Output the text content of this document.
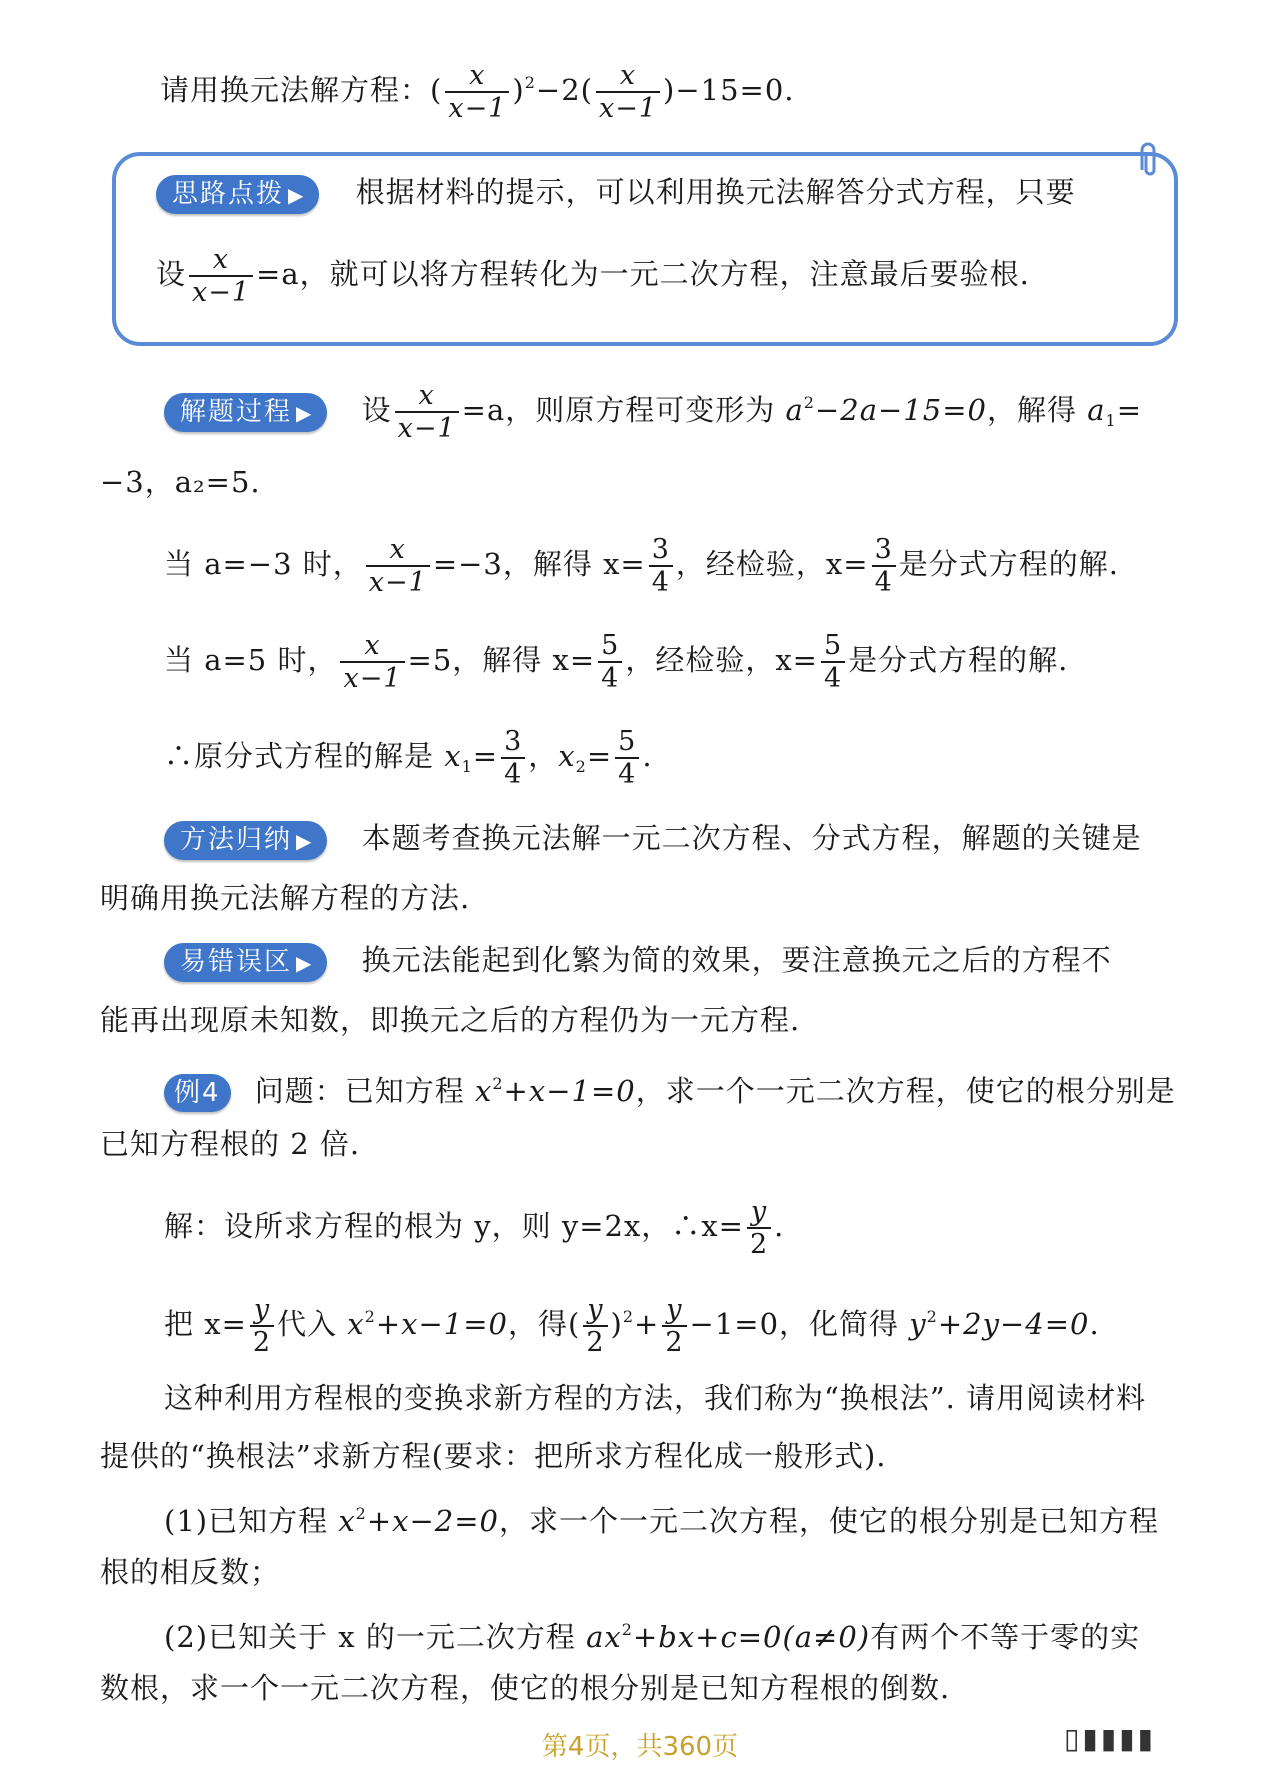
请用换元法解方程：( $\frac{x}{x-1} )^2-2( \frac{x}{x-1} )-15=0$.
思路点拨 ▶ 根据材料的提示，可以利用换元法解答分式方程，只要
设 $\frac{x}{x-1} =a$，就可以将方程转化为一元二次方程，注意最后要验根.
解题过程 ▶ 设 $\frac{x}{x-1} =a$，则原方程可变形为 $a^2-2a-15=0$，解得 $a_1=$
−3，a₂=5.
当 a=−3 时， $\frac{x}{x-1} =-3$，解得 $x= \frac{3}{4}$ ，经检验，$x= \frac{3}{4}$ 是分式方程的解.
当 a=5 时， $\frac{x}{x-1} =5$，解得 $x= \frac{5}{4}$ ，经检验，$x= \frac{5}{4}$ 是分式方程的解.
∴原分式方程的解是 $x_1= \frac{3}{4}$ ，$x_2= \frac{5}{4}$ .
方法归纳 ▶ 本题考查换元法解一元二次方程、分式方程，解题的关键是
明确用换元法解方程的方法.
易错误区 ▶ 换元法能起到化繁为简的效果，要注意换元之后的方程不
能再出现原未知数，即换元之后的方程仍为一元方程.
例4 问题：已知方程 $x^2+x-1=0$，求一个一元二次方程，使它的根分别是
已知方程根的 2 倍.
解：设所求方程的根为 y，则 y=2x，∴x= $\frac{y}{2}$ .
把 $x= \frac{y}{2}$ 代入 $x^2+x-1=0$，得( $\frac{y}{2} )^2+ \frac{y}{2} -1=0$，化简得 $y^2+2y-4=0$.
这种利用方程根的变换求新方程的方法，我们称为“换根法”. 请用阅读材料
提供的“换根法”求新方程(要求：把所求方程化成一般形式).
(1)已知方程 $x^2+x-2=0$，求一个一元二次方程，使它的根分别是已知方程
根的相反数；
(2)已知关于 x 的一元二次方程 $ax^2+bx+c=0(a\ne 0)$有两个不等于零的实
数根，求一个一元二次方程，使它的根分别是已知方程根的倒数.
第4页，共360页	▯▮▮▮▮
